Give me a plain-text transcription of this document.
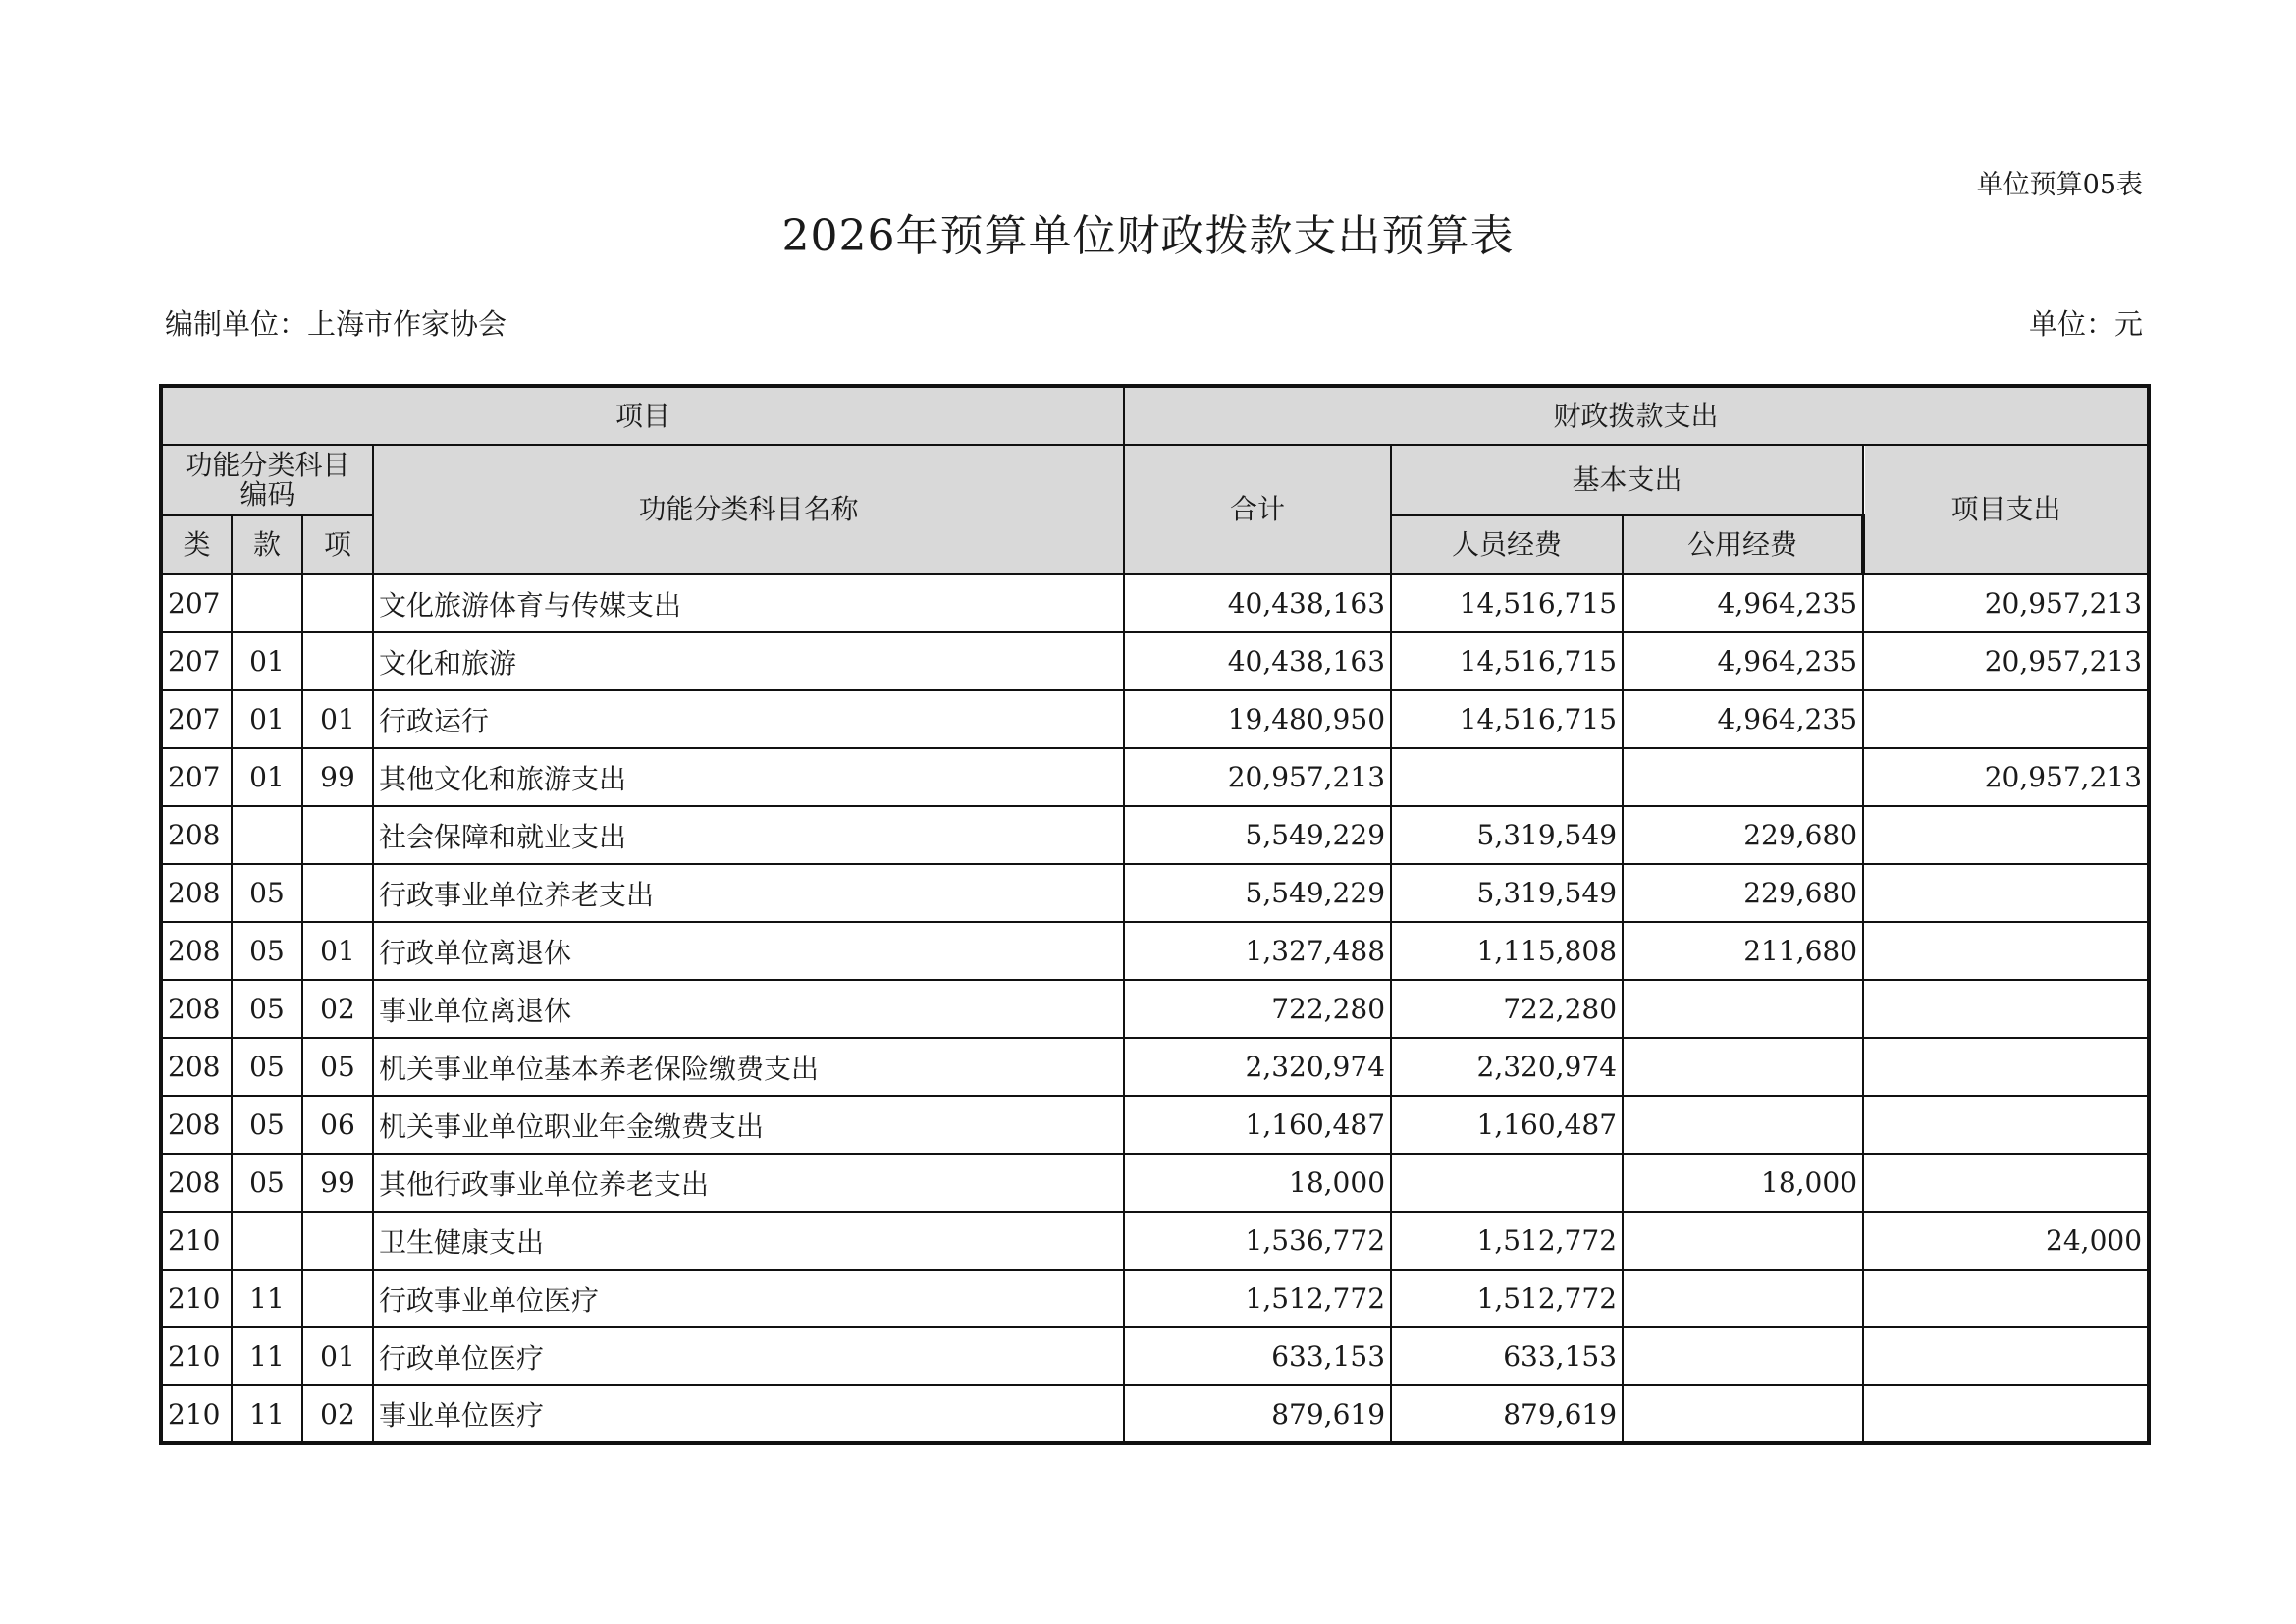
单位预算05表
2026年预算单位财政拨款支出预算表
编制单位：上海市作家协会	单位：元
项目				财政拨款支出			
功能分类科目编码			功能分类科目名称	合计	基本支出		项目支出
类	款	项			人员经费	公用经费	
207			文化旅游体育与传媒支出	40,438,163	14,516,715	4,964,235	20,957,213
207	01		文化和旅游	40,438,163	14,516,715	4,964,235	20,957,213
207	01	01	行政运行	19,480,950	14,516,715	4,964,235	
207	01	99	其他文化和旅游支出	20,957,213			20,957,213
208			社会保障和就业支出	5,549,229	5,319,549	229,680	
208	05		行政事业单位养老支出	5,549,229	5,319,549	229,680	
208	05	01	行政单位离退休	1,327,488	1,115,808	211,680	
208	05	02	事业单位离退休	722,280	722,280		
208	05	05	机关事业单位基本养老保险缴费支出	2,320,974	2,320,974		
208	05	06	机关事业单位职业年金缴费支出	1,160,487	1,160,487		
208	05	99	其他行政事业单位养老支出	18,000		18,000	
210			卫生健康支出	1,536,772	1,512,772		24,000
210	11		行政事业单位医疗	1,512,772	1,512,772		
210	11	01	行政单位医疗	633,153	633,153		
210	11	02	事业单位医疗	879,619	879,619		
